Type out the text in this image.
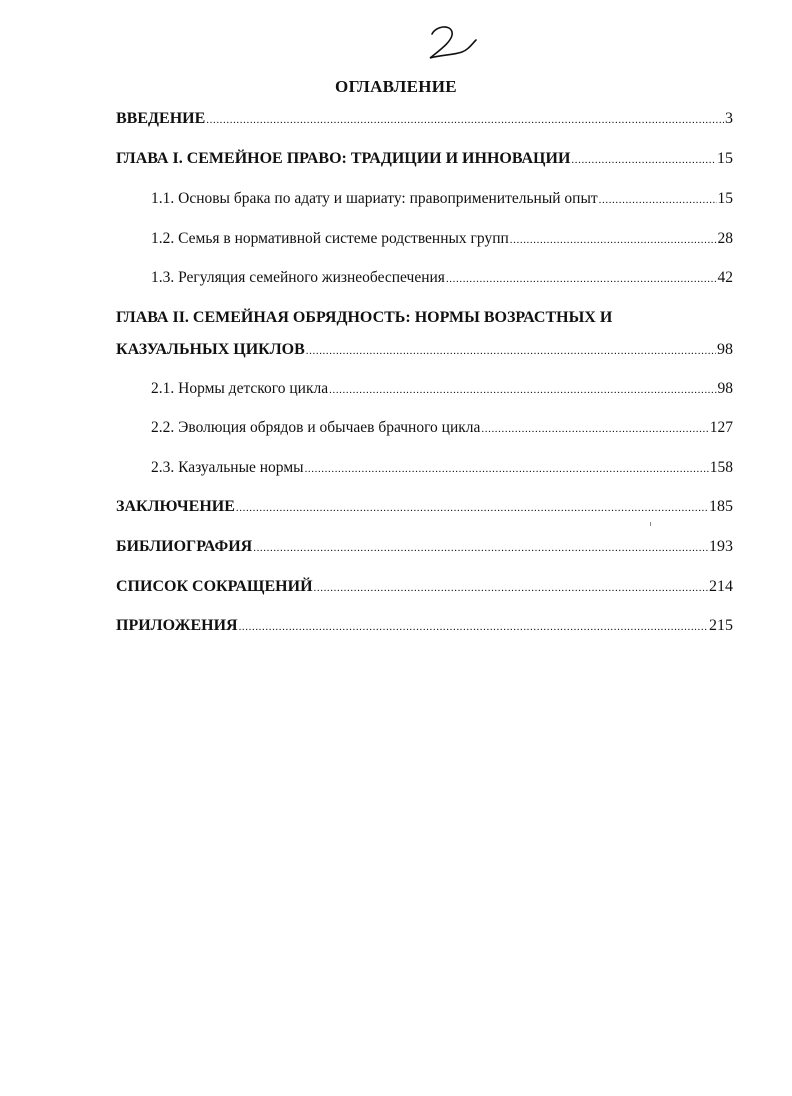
ОГЛАВЛЕНИЕ
ВВЕДЕНИЕ .....	3
ГЛАВА I. СЕМЕЙНОЕ ПРАВО: ТРАДИЦИИ И ИННОВАЦИИ .....	15
1.1. Основы брака по адату и шариату: правоприменительный опыт .....	15
1.2. Семья в нормативной системе родственных групп .....	28
1.3. Регуляция семейного жизнеобеспечения .....	42
ГЛАВА II. СЕМЕЙНАЯ ОБРЯДНОСТЬ: НОРМЫ ВОЗРАСТНЫХ И
КАЗУАЛЬНЫХ ЦИКЛОВ .....	98
2.1. Нормы детского цикла .....	98
2.2. Эволюция обрядов и обычаев брачного цикла .....	127
2.3. Казуальные нормы .....	158
ЗАКЛЮЧЕНИЕ .....	185
БИБЛИОГРАФИЯ .....	193
СПИСОК СОКРАЩЕНИЙ .....	214
ПРИЛОЖЕНИЯ .....	215
